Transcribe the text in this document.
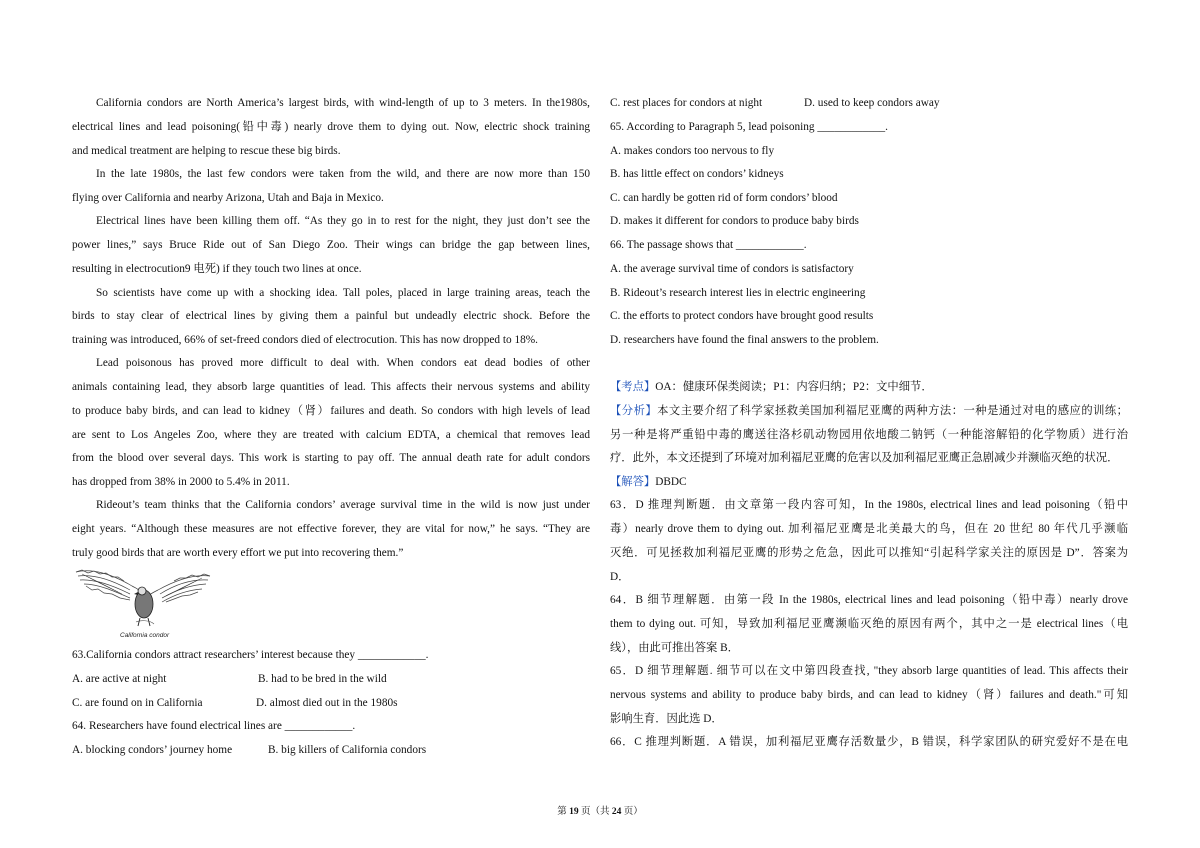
California condors are North America’s largest birds, with wind-length of up to 3 meters. In the1980s,
electrical lines and lead poisoning(铅中毒) nearly drove them to dying out. Now, electric shock training
and medical treatment are helping to rescue these big birds.
In the late 1980s, the last few condors were taken from the wild, and there are now more than 150
flying over California and nearby Arizona, Utah and Baja in Mexico.
Electrical lines have been killing them off. “As they go in to rest for the night, they just don’t see the
power lines,” says Bruce Ride out of San Diego Zoo. Their wings can bridge the gap between lines,
resulting in electrocution9 电死) if they touch two lines at once.
So scientists have come up with a shocking idea. Tall poles, placed in large training areas, teach the
birds to stay clear of electrical lines by giving them a painful but undeadly electric shock. Before the
training was introduced, 66% of set-freed condors died of electrocution. This has now dropped to 18%.
Lead poisonous has proved more difficult to deal with. When condors eat dead bodies of other
animals containing lead, they absorb large quantities of lead. This affects their nervous systems and ability
to produce baby birds, and can lead to kidney（肾）failures and death. So condors with high levels of lead
are sent to Los Angeles Zoo, where they are treated with calcium EDTA, a chemical that removes lead
from the blood over several days. This work is starting to pay off. The annual death rate for adult condors
has dropped from 38% in 2000 to 5.4% in 2011.
Rideout’s team thinks that the California condors’ average survival time in the wild is now just under
eight years. “Although these measures are not effective forever, they are vital for now,” he says. “They are
truly good birds that are worth every effort we put into recovering them.”
California condor
63.California condors attract researchers’ interest because they ____________.
A. are active at night	B. had to be bred in the wild
C. are found on in California	D. almost died out in the 1980s
64. Researchers have found electrical lines are ____________.
A. blocking condors’ journey home	B. big killers of California condors
C. rest places for condors at night	D. used to keep condors away
65. According to Paragraph 5, lead poisoning ____________.
A. makes condors too nervous to fly
B. has little effect on condors’ kidneys
C. can hardly be gotten rid of form condors’ blood
D. makes it different for condors to produce baby birds
66. The passage shows that ____________.
A. the average survival time of condors is satisfactory
B. Rideout’s research interest lies in electric engineering
C. the efforts to protect condors have brought good results
D. researchers have found the final answers to the problem.
【考点】OA：健康环保类阅读；P1：内容归纳；P2：文中细节．
【分析】本文主要介绍了科学家拯救美国加利福尼亚鹰的两种方法：一种是通过对电的感应的训练；
另一种是将严重铅中毒的鹰送往洛杉矶动物园用依地酸二钠钙（一种能溶解铅的化学物质）进行治
疗．此外，本文还提到了环境对加利福尼亚鹰的危害以及加利福尼亚鹰正急剧减少并濒临灭绝的状况．
【解答】DBDC
63．D 推理判断题．由文章第一段内容可知，In the 1980s, electrical lines and lead poisoning（铅中
毒）nearly drove them to dying out. 加利福尼亚鹰是北美最大的鸟，但在 20 世纪 80 年代几乎濒临
灭绝．可见拯救加利福尼亚鹰的形势之危急，因此可以推知“引起科学家关注的原因是 D”．答案为
D．
64．B 细节理解题．由第一段 In the 1980s, electrical lines and lead poisoning（铅中毒）nearly drove
them to dying out. 可知，导致加利福尼亚鹰濒临灭绝的原因有两个，其中之一是 electrical lines（电
线），由此可推出答案 B．
65．D 细节理解题. 细节可以在文中第四段查找, "they absorb large quantities of lead. This affects their
nervous systems and ability to produce baby birds, and can lead to kidney（肾）failures and death."可知
影响生育．因此选 D．
66．C 推理判断题．A 错误，加利福尼亚鹰存活数量少，B 错误，科学家团队的研究爱好不是在电
第 19 页（共 24 页）
